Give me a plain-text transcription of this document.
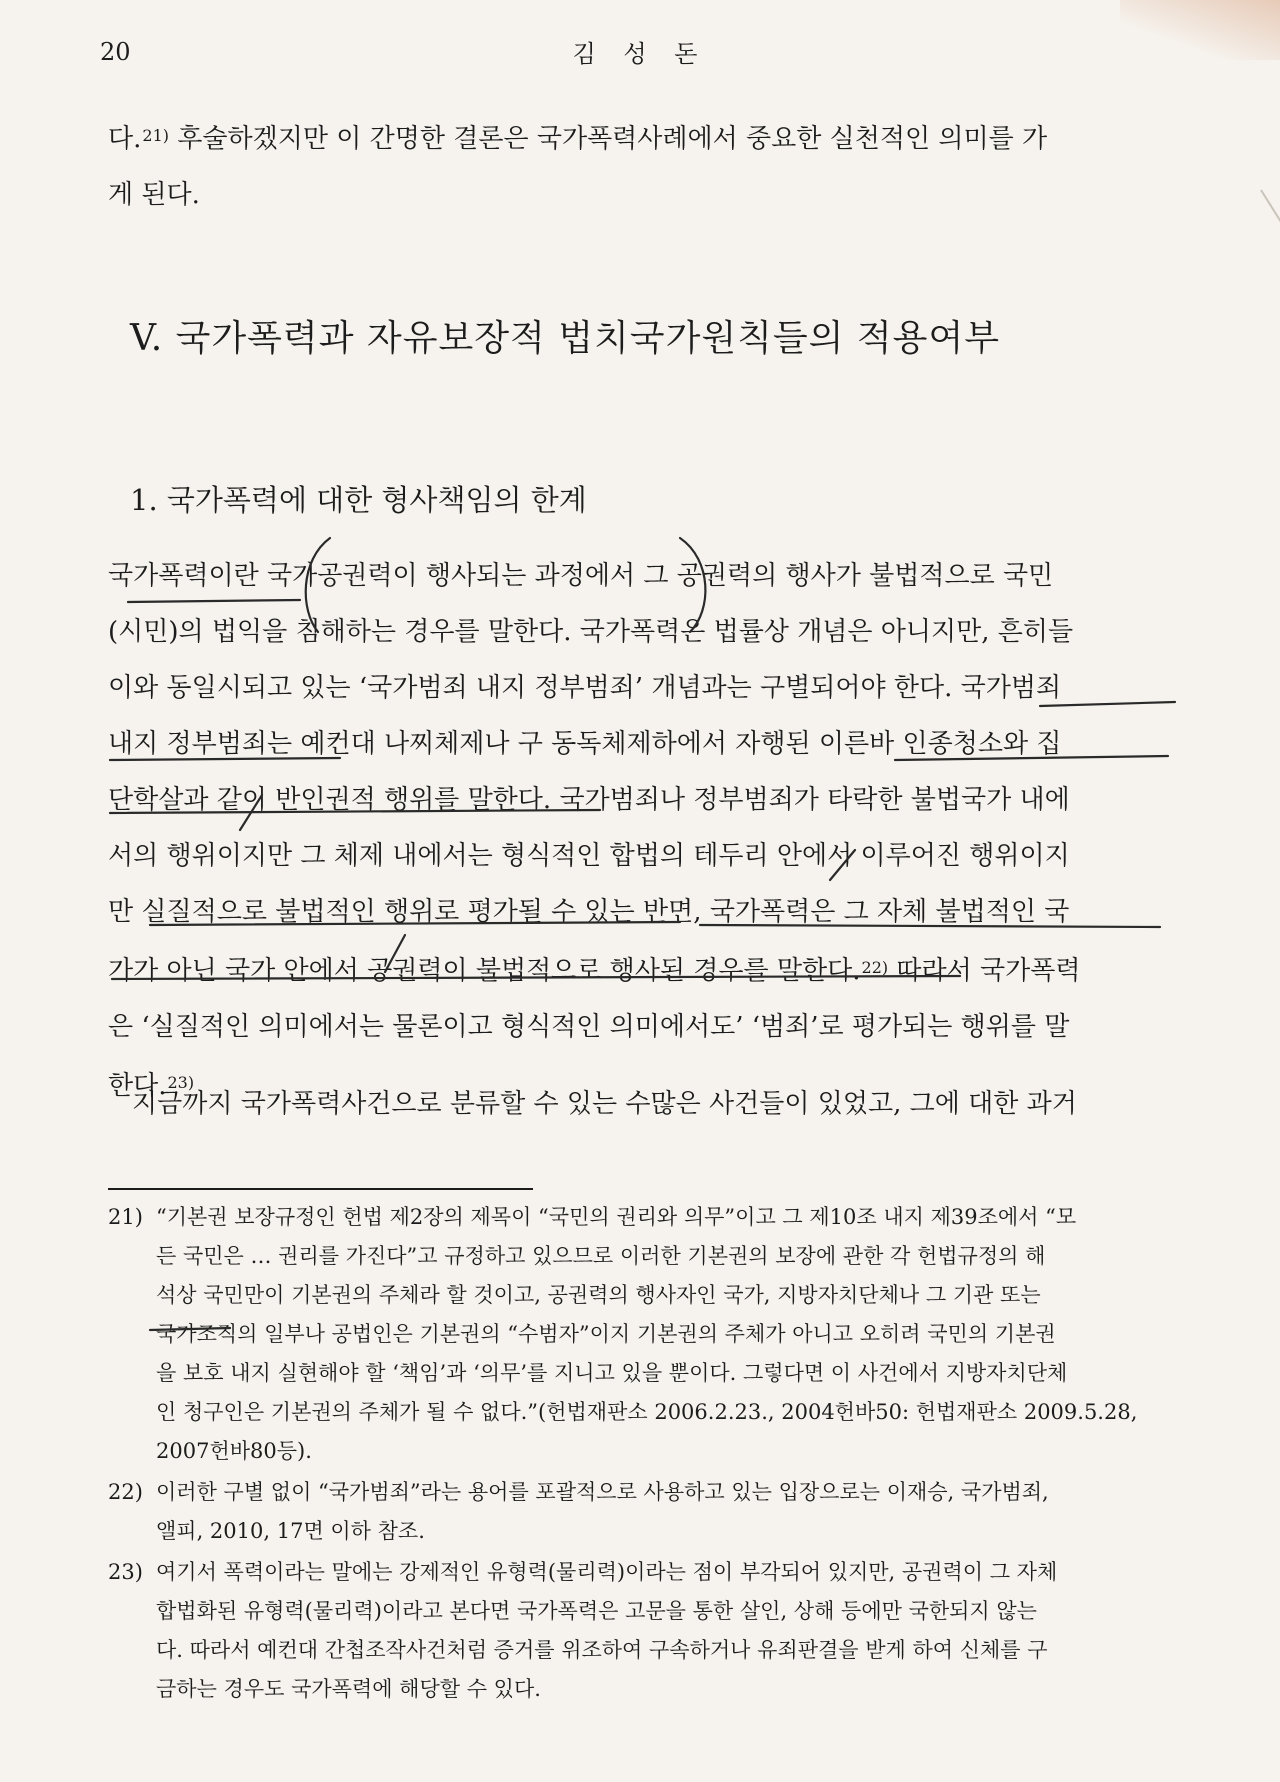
20	김 성 돈
다.$^{21)}$ 후술하겠지만 이 간명한 결론은 국가폭력사례에서 중요한 실천적인 의미를 가
게 된다.
V. 국가폭력과 자유보장적 법치국가원칙들의 적용여부
1. 국가폭력에 대한 형사책임의 한계
국가폭력이란 국가공권력이 행사되는 과정에서 그 공권력의 행사가 불법적으로 국민
(시민)의 법익을 침해하는 경우를 말한다. 국가폭력은 법률상 개념은 아니지만, 흔히들
이와 동일시되고 있는 ‘국가범죄 내지 정부범죄’ 개념과는 구별되어야 한다. 국가범죄
내지 정부범죄는 예컨대 나찌체제나 구 동독체제하에서 자행된 이른바 인종청소와 집
단학살과 같이 반인권적 행위를 말한다. 국가범죄나 정부범죄가 타락한 불법국가 내에
서의 행위이지만 그 체제 내에서는 형식적인 합법의 테두리 안에서 이루어진 행위이지
만 실질적으로 불법적인 행위로 평가될 수 있는 반면, 국가폭력은 그 자체 불법적인 국
가가 아닌 국가 안에서 공권력이 불법적으로 행사된 경우를 말한다.$^{22)}$ 따라서 국가폭력
은 ‘실질적인 의미에서는 물론이고 형식적인 의미에서도’ ‘범죄’로 평가되는 행위를 말
한다.$^{23)}$
지금까지 국가폭력사건으로 분류할 수 있는 수많은 사건들이 있었고, 그에 대한 과거
21) “기본권 보장규정인 헌법 제2장의 제목이 “국민의 권리와 의무”이고 그 제10조 내지 제39조에서 “모
든 국민은 … 권리를 가진다”고 규정하고 있으므로 이러한 기본권의 보장에 관한 각 헌법규정의 해
석상 국민만이 기본권의 주체라 할 것이고, 공권력의 행사자인 국가, 지방자치단체나 그 기관 또는
국가조직의 일부나 공법인은 기본권의 “수범자”이지 기본권의 주체가 아니고 오히려 국민의 기본권
을 보호 내지 실현해야 할 ‘책임’과 ‘의무’를 지니고 있을 뿐이다. 그렇다면 이 사건에서 지방자치단체
인 청구인은 기본권의 주체가 될 수 없다.”(헌법재판소 2006.2.23., 2004헌바50: 헌법재판소 2009.5.28,
2007헌바80등).
22) 이러한 구별 없이 “국가범죄”라는 용어를 포괄적으로 사용하고 있는 입장으로는 이재승, 국가범죄,
앨피, 2010, 17면 이하 참조.
23) 여기서 폭력이라는 말에는 강제적인 유형력(물리력)이라는 점이 부각되어 있지만, 공권력이 그 자체
합법화된 유형력(물리력)이라고 본다면 국가폭력은 고문을 통한 살인, 상해 등에만 국한되지 않는
다. 따라서 예컨대 간첩조작사건처럼 증거를 위조하여 구속하거나 유죄판결을 받게 하여 신체를 구
금하는 경우도 국가폭력에 해당할 수 있다.
